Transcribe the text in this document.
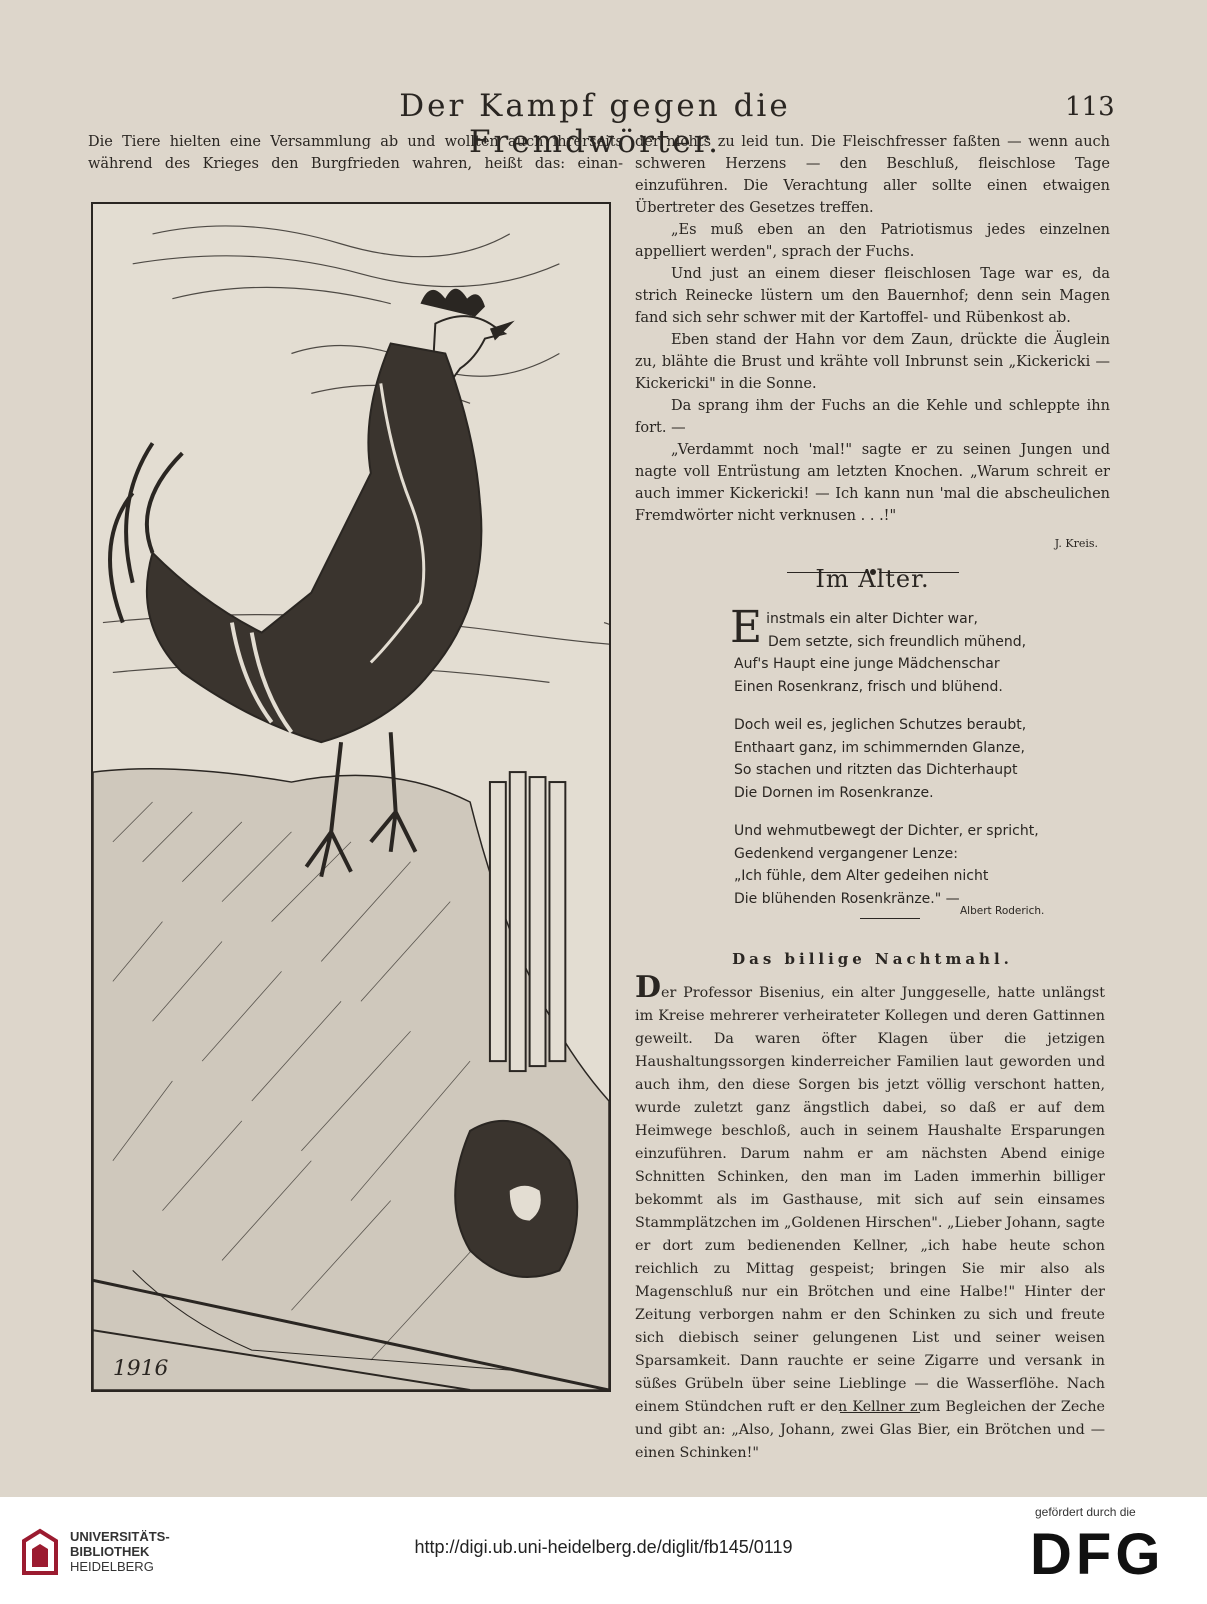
Der Kampf gegen die Fremdwörter.
113
Die Tiere hielten eine Versammlung ab und wollten auch ihrerseits während des Krieges den Burgfrieden wahren, heißt das: einan-

der nichts zu leid tun. Die Fleischfresser faßten — wenn auch schweren Herzens — den Beschluß, fleischlose Tage einzuführen. Die Verachtung aller sollte einen etwaigen Übertreter des Gesetzes treffen.

„Es muß eben an den Patriotismus jedes einzelnen appelliert werden", sprach der Fuchs.

Und just an einem dieser fleischlosen Tage war es, da strich Reinecke lüstern um den Bauernhof; denn sein Magen fand sich sehr schwer mit der Kartoffel- und Rübenkost ab.

Eben stand der Hahn vor dem Zaun, drückte die Äuglein zu, blähte die Brust und krähte voll Inbrunst sein „Kickericki — Kickericki" in die Sonne.

Da sprang ihm der Fuchs an die Kehle und schleppte ihn fort. —

„Verdammt noch 'mal!" sagte er zu seinen Jungen und nagte voll Entrüstung am letzten Knochen. „Warum schreit er auch immer Kickericki! — Ich kann nun 'mal die abscheulichen Fremdwörter nicht verknusen . . .!"

J. Kreis.
Im Alter.
E instmals ein alter Dichter war,
Dem setzte, sich freundlich mühend,
Auf's Haupt eine junge Mädchenschar
Einen Rosenkranz, frisch und blühend.
Doch weil es, jeglichen Schutzes beraubt,
Enthaart ganz, im schimmernden Glanze,
So stachen und ritzten das Dichterhaupt
Die Dornen im Rosenkranze.
Und wehmutbewegt der Dichter, er spricht,
Gedenkend vergangener Lenze:
„Ich fühle, dem Alter gedeihen nicht
Die blühenden Rosenkränze." —
Albert Roderich.
Das billige Nachtmahl.
Der Professor Bisenius, ein alter Junggeselle, hatte unlängst im Kreise mehrerer verheirateter Kollegen und deren Gattinnen geweilt. Da waren öfter Klagen über die jetzigen Haushaltungssorgen kinderreicher Familien laut geworden und auch ihm, den diese Sorgen bis jetzt völlig verschont hatten, wurde zuletzt ganz ängstlich dabei, so daß er auf dem Heimwege beschloß, auch in seinem Haushalte Ersparungen einzuführen. Darum nahm er am nächsten Abend einige Schnitten Schinken, den man im Laden immerhin billiger bekommt als im Gasthause, mit sich auf sein einsames Stammplätzchen im „Goldenen Hirschen". „Lieber Johann, sagte er dort zum bedienenden Kellner, „ich habe heute schon reichlich zu Mittag gespeist; bringen Sie mir also als Magenschluß nur ein Brötchen und eine Halbe!" Hinter der Zeitung verborgen nahm er den Schinken zu sich und freute sich diebisch seiner gelungenen List und seiner weisen Sparsamkeit. Dann rauchte er seine Zigarre und versank in süßes Grübeln über seine Lieblinge — die Wasserflöhe. Nach einem Stündchen ruft er den Kellner zum Begleichen der Zeche und gibt an: „Also, Johann, zwei Glas Bier, ein Brötchen und — einen Schinken!"
1916
UNIVERSITÄTS-
BIBLIOTHEK
HEIDELBERG
http://digi.ub.uni-heidelberg.de/diglit/fb145/0119
gefördert durch die
DFG
